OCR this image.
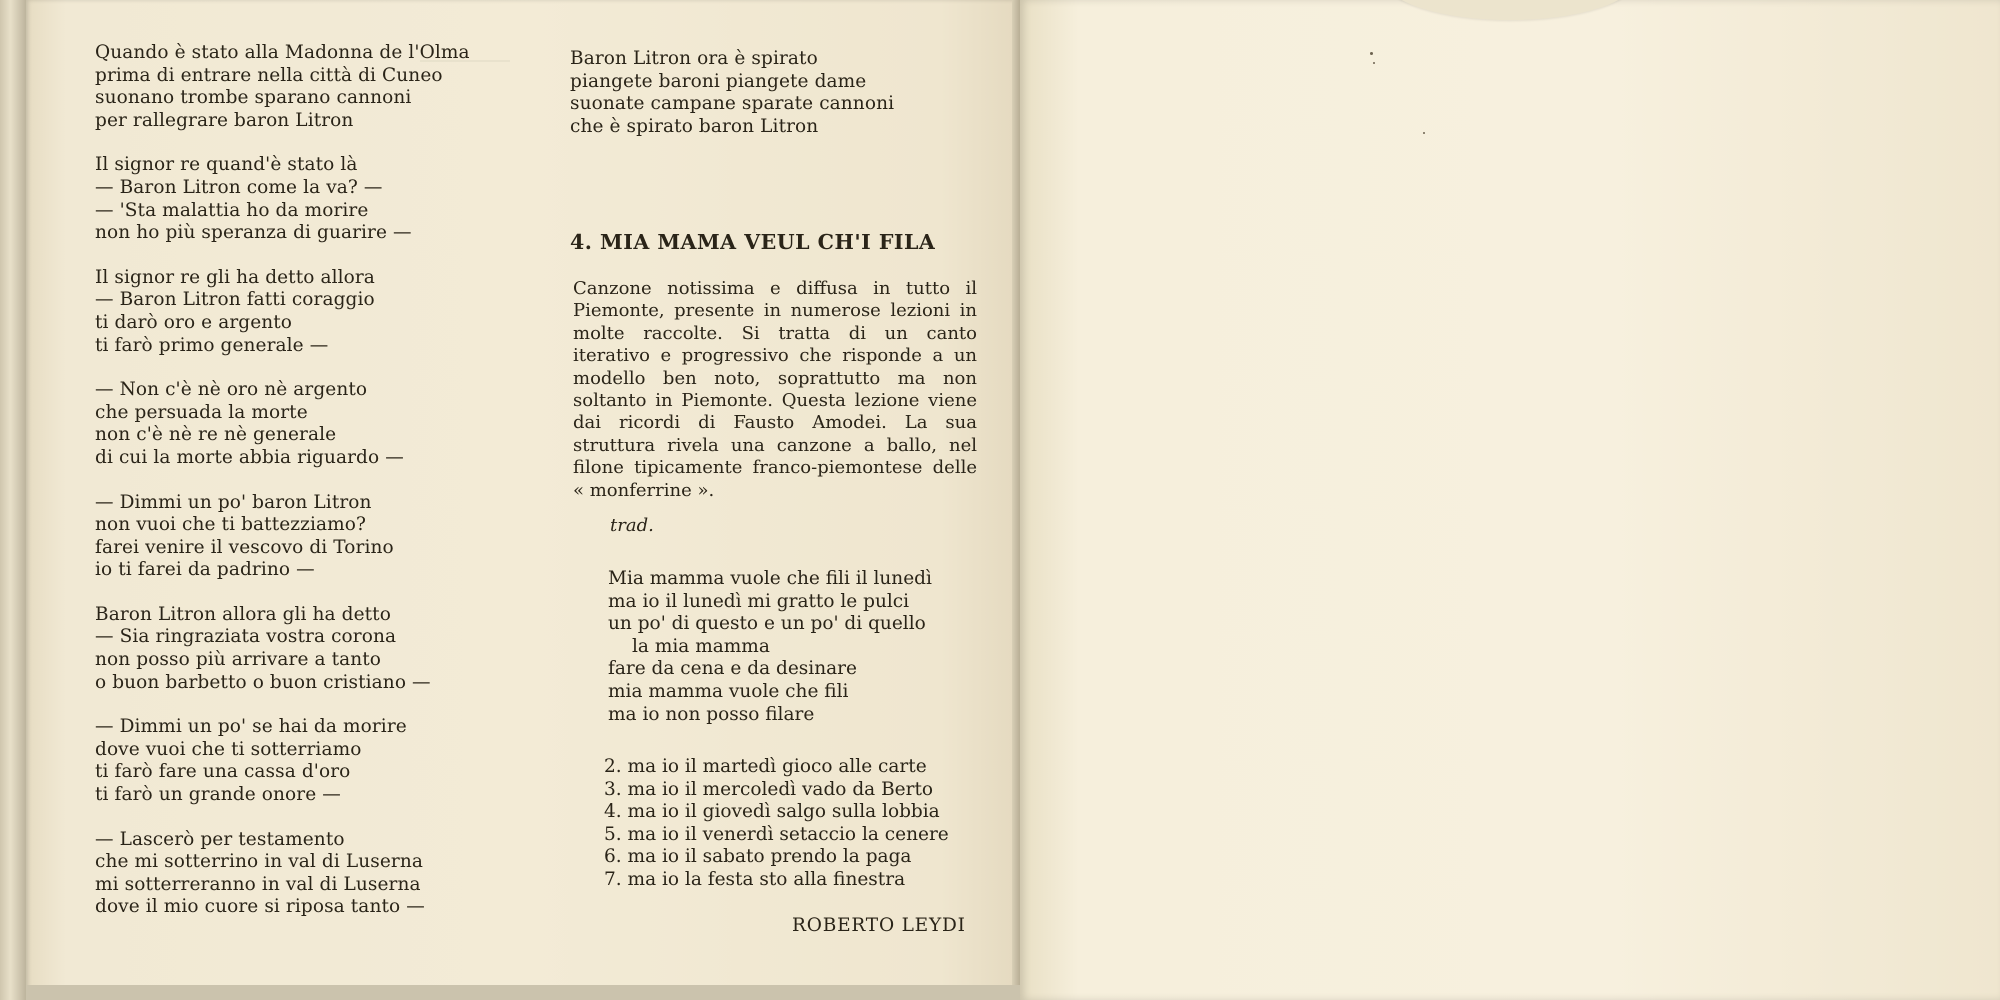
Quando è stato alla Madonna de l'Olma
prima di entrare nella città di Cuneo
suonano trombe sparano cannoni
per rallegrare baron Litron
Il signor re quand'è stato là
— Baron Litron come la va? —
— 'Sta malattia ho da morire
non ho più speranza di guarire —
Il signor re gli ha detto allora
— Baron Litron fatti coraggio
ti darò oro e argento
ti farò primo generale —
— Non c'è nè oro nè argento
che persuada la morte
non c'è nè re nè generale
di cui la morte abbia riguardo —
— Dimmi un po' baron Litron
non vuoi che ti battezziamo?
farei venire il vescovo di Torino
io ti farei da padrino —
Baron Litron allora gli ha detto
— Sia ringraziata vostra corona
non posso più arrivare a tanto
o buon barbetto o buon cristiano —
— Dimmi un po' se hai da morire
dove vuoi che ti sotterriamo
ti farò fare una cassa d'oro
ti farò un grande onore —
— Lascerò per testamento
che mi sotterrino in val di Luserna
mi sotterreranno in val di Luserna
dove il mio cuore si riposa tanto —
Baron Litron ora è spirato
piangete baroni piangete dame
suonate campane sparate cannoni
che è spirato baron Litron
4. MIA MAMA VEUL CH'I FILA
Canzone notissima e diffusa in tutto il Piemonte, presente in numerose lezioni in molte raccolte. Si tratta di un canto iterativo e progressivo che risponde a un modello ben noto, soprattutto ma non soltanto in Piemonte. Questa lezione viene dai ricordi di Fausto Amodei. La sua struttura rivela una canzone a ballo, nel filone tipicamente franco-piemontese delle « monferrine ».
trad.
Mia mamma vuole che fili il lunedì
ma io il lunedì mi gratto le pulci
un po' di questo e un po' di quello
la mia mamma
fare da cena e da desinare
mia mamma vuole che fili
ma io non posso filare
2. ma io il martedì gioco alle carte
3. ma io il mercoledì vado da Berto
4. ma io il giovedì salgo sulla lobbia
5. ma io il venerdì setaccio la cenere
6. ma io il sabato prendo la paga
7. ma io la festa sto alla finestra
ROBERTO LEYDI
